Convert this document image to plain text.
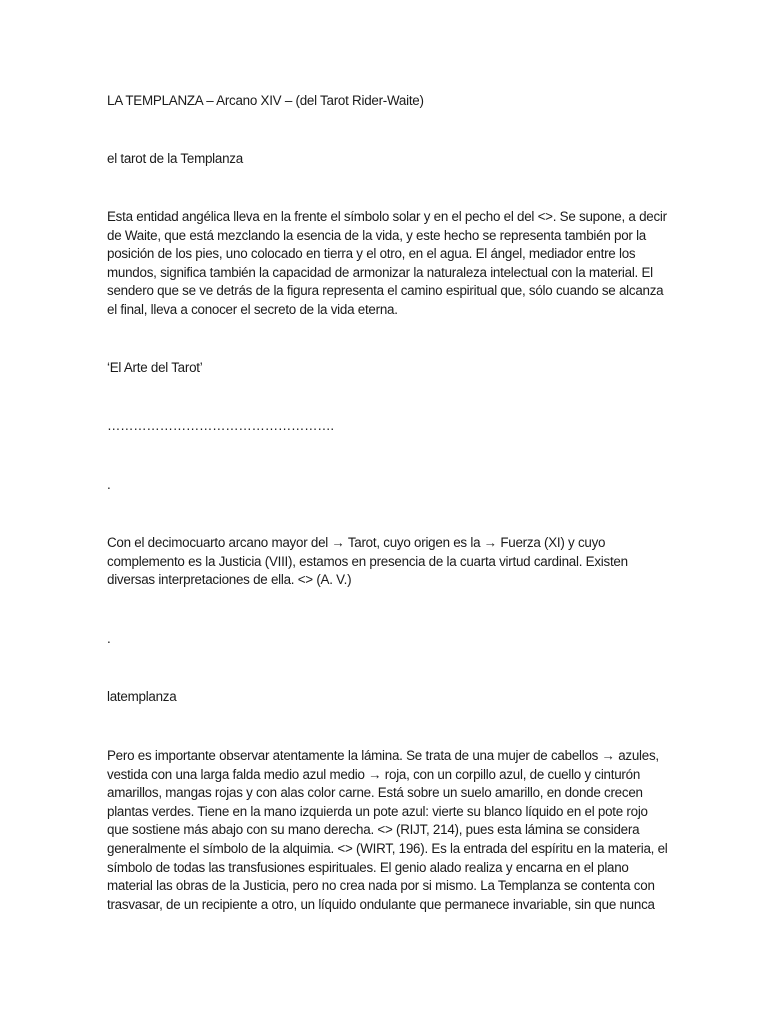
LA TEMPLANZA – Arcano XIV – (del Tarot Rider-Waite)

el tarot de la Templanza

Esta entidad angélica lleva en la frente el símbolo solar y en el pecho el del <>. Se supone, a decir
de Waite, que está mezclando la esencia de la vida, y este hecho se representa también por la
posición de los pies, uno colocado en tierra y el otro, en el agua. El ángel, mediador entre los
mundos, significa también la capacidad de armonizar la naturaleza intelectual con la material. El
sendero que se ve detrás de la figura representa el camino espiritual que, sólo cuando se alcanza
el final, lleva a conocer el secreto de la vida eterna.

‘El Arte del Tarot’

…………………………………………….

.

Con el decimocuarto arcano mayor del → Tarot, cuyo origen es la → Fuerza (XI) y cuyo
complemento es la Justicia (VIII), estamos en presencia de la cuarta virtud cardinal. Existen
diversas interpretaciones de ella. <> (A. V.)

.

latemplanza

Pero es importante observar atentamente la lámina. Se trata de una mujer de cabellos → azules,
vestida con una larga falda medio azul medio → roja, con un corpillo azul, de cuello y cinturón
amarillos, mangas rojas y con alas color carne. Está sobre un suelo amarillo, en donde crecen
plantas verdes. Tiene en la mano izquierda un pote azul: vierte su blanco líquido en el pote rojo
que sostiene más abajo con su mano derecha. <> (RIJT, 214), pues esta lámina se considera
generalmente el símbolo de la alquimia. <> (WIRT, 196). Es la entrada del espíritu en la materia, el
símbolo de todas las transfusiones espirituales. El genio alado realiza y encarna en el plano
material las obras de la Justicia, pero no crea nada por si mismo. La Templanza se contenta con
trasvasar, de un recipiente a otro, un líquido ondulante que permanece invariable, sin que nunca
